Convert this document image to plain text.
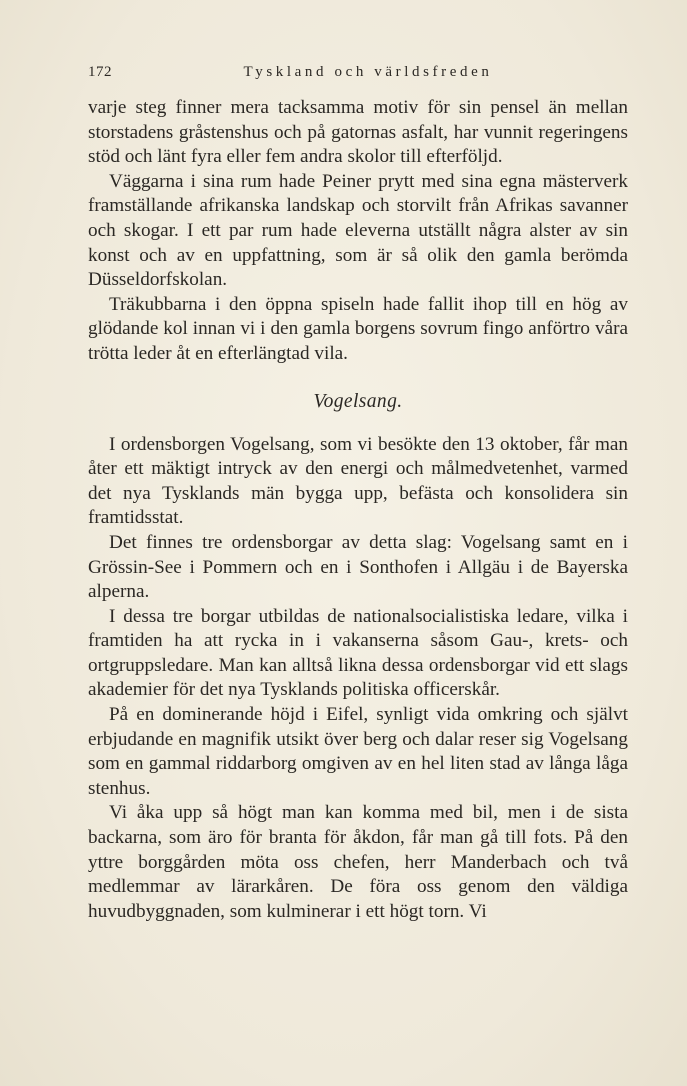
172	Tyskland och världsfreden

varje steg finner mera tacksamma motiv för sin pensel än mellan storstadens gråstenshus och på gatornas asfalt, har vunnit regeringens stöd och länt fyra eller fem andra skolor till efterföljd.

Väggarna i sina rum hade Peiner prytt med sina egna mästerverk framställande afrikanska landskap och storvilt från Afrikas savanner och skogar. I ett par rum hade eleverna utställt några alster av sin konst och av en uppfattning, som är så olik den gamla berömda Düsseldorfskolan.

Träkubbarna i den öppna spiseln hade fallit ihop till en hög av glödande kol innan vi i den gamla borgens sovrum fingo anförtro våra trötta leder åt en efterlängtad vila.

Vogelsang.

I ordensborgen Vogelsang, som vi besökte den 13 oktober, får man åter ett mäktigt intryck av den energi och målmedvetenhet, varmed det nya Tysklands män bygga upp, befästa och konsolidera sin framtidsstat.

Det finnes tre ordensborgar av detta slag: Vogelsang samt en i Grössin-See i Pommern och en i Sonthofen i Allgäu i de Bayerska alperna.

I dessa tre borgar utbildas de nationalsocialistiska ledare, vilka i framtiden ha att rycka in i vakanserna såsom Gau-, krets- och ortgruppsledare. Man kan alltså likna dessa ordensborgar vid ett slags akademier för det nya Tysklands politiska officerskår.

På en dominerande höjd i Eifel, synligt vida omkring och självt erbjudande en magnifik utsikt över berg och dalar reser sig Vogelsang som en gammal riddarborg omgiven av en hel liten stad av långa låga stenhus.

Vi åka upp så högt man kan komma med bil, men i de sista backarna, som äro för branta för åkdon, får man gå till fots. På den yttre borggården möta oss chefen, herr Manderbach och två medlemmar av lärarkåren. De föra oss genom den väldiga huvudbyggnaden, som kulminerar i ett högt torn. Vi
